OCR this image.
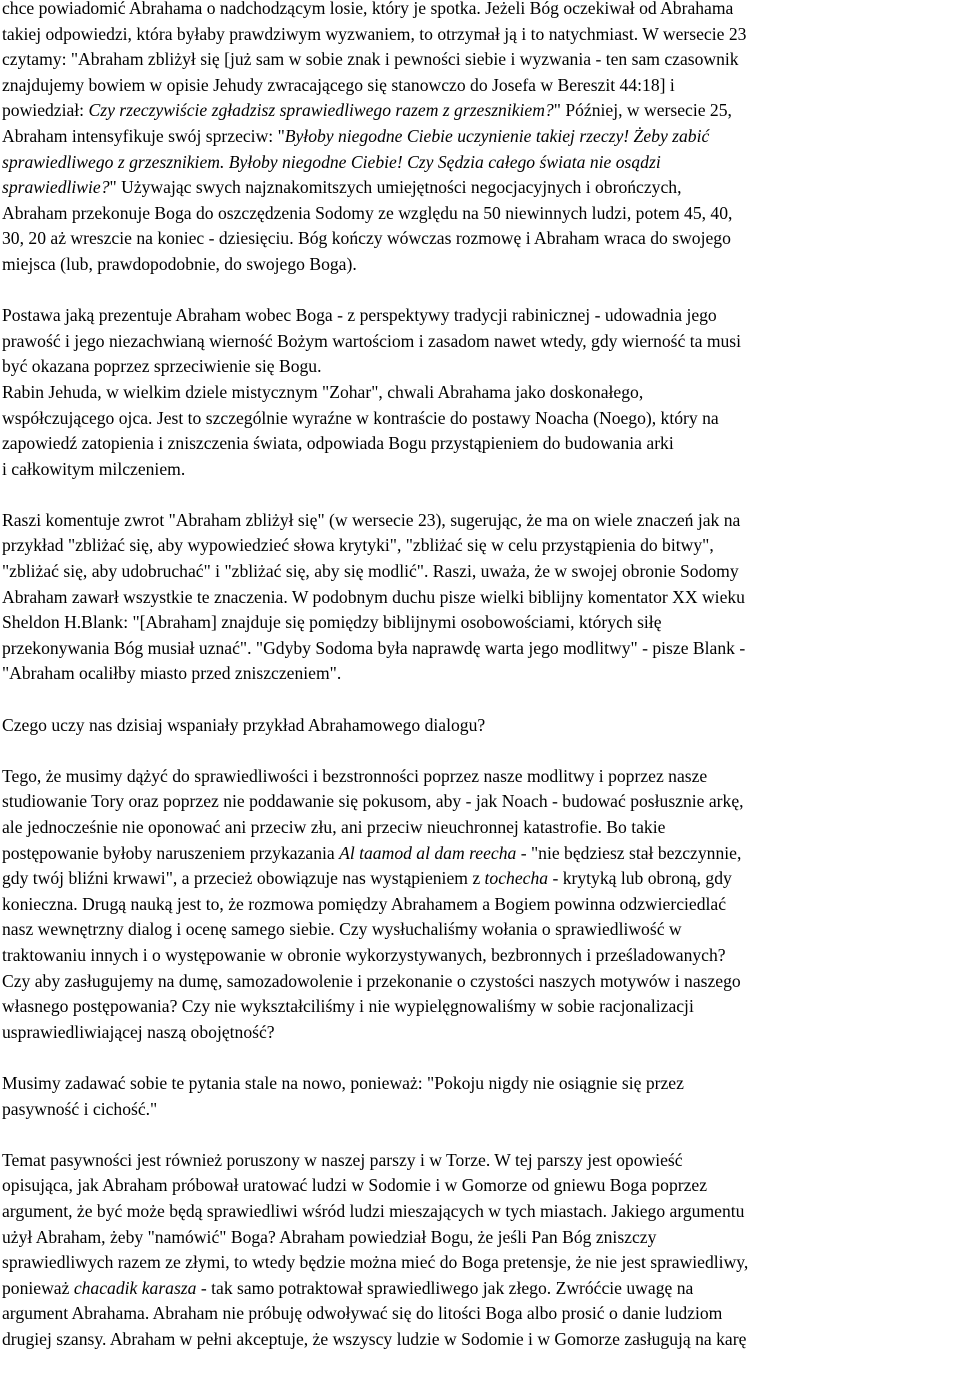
chce powiadomić Abrahama o nadchodzącym losie, który je spotka. Jeżeli Bóg oczekiwał od Abrahama
takiej odpowiedzi, która byłaby prawdziwym wyzwaniem, to otrzymał ją i to natychmiast. W wersecie 23
czytamy: "Abraham zbliżył się [już sam w sobie znak i pewności siebie i wyzwania - ten sam czasownik
znajdujemy bowiem w opisie Jehudy zwracającego się stanowczo do Josefa w Bereszit 44:18] i
powiedział: Czy rzeczywiście zgładzisz sprawiedliwego razem z grzesznikiem?" Później, w wersecie 25,
Abraham intensyfikuje swój sprzeciw: "Byłoby niegodne Ciebie uczynienie takiej rzeczy! Żeby zabić
sprawiedliwego z grzesznikiem. Byłoby niegodne Ciebie! Czy Sędzia całego świata nie osądzi
sprawiedliwie?" Używając swych najznakomitszych umiejętności negocjacyjnych i obrończych,
Abraham przekonuje Boga do oszczędzenia Sodomy ze względu na 50 niewinnych ludzi, potem 45, 40,
30, 20 aż wreszcie na koniec - dziesięciu. Bóg kończy wówczas rozmowę i Abraham wraca do swojego
miejsca (lub, prawdopodobnie, do swojego Boga).
Postawa jaką prezentuje Abraham wobec Boga - z perspektywy tradycji rabinicznej - udowadnia jego
prawość i jego niezachwianą wierność Bożym wartościom i zasadom nawet wtedy, gdy wierność ta musi
być okazana poprzez sprzeciwienie się Bogu.
Rabin Jehuda, w wielkim dziele mistycznym "Zohar", chwali Abrahama jako doskonałego,
współczującego ojca. Jest to szczególnie wyraźne w kontraście do postawy Noacha (Noego), który na
zapowiedź zatopienia i zniszczenia świata, odpowiada Bogu przystąpieniem do budowania arki
i całkowitym milczeniem.
Raszi komentuje zwrot "Abraham zbliżył się" (w wersecie 23), sugerując, że ma on wiele znaczeń jak na
przykład "zbliżać się, aby wypowiedzieć słowa krytyki", "zbliżać się w celu przystąpienia do bitwy",
"zbliżać się, aby udobruchać" i "zbliżać się, aby się modlić". Raszi, uważa, że w swojej obronie Sodomy
Abraham zawarł wszystkie te znaczenia. W podobnym duchu pisze wielki biblijny komentator XX wieku
Sheldon H.Blank: "[Abraham] znajduje się pomiędzy biblijnymi osobowościami, których siłę
przekonywania Bóg musiał uznać". "Gdyby Sodoma była naprawdę warta jego modlitwy" - pisze Blank -
"Abraham ocaliłby miasto przed zniszczeniem".
Czego uczy nas dzisiaj wspaniały przykład Abrahamowego dialogu?
Tego, że musimy dążyć do sprawiedliwości i bezstronności poprzez nasze modlitwy i poprzez nasze
studiowanie Tory oraz poprzez nie poddawanie się pokusom, aby - jak Noach - budować posłusznie arkę,
ale jednocześnie nie oponować ani przeciw złu, ani przeciw nieuchronnej katastrofie. Bo takie
postępowanie byłoby naruszeniem przykazania Al taamod al dam reecha - "nie będziesz stał bezczynnie,
gdy twój bliźni krwawi", a przecież obowiązuje nas wystąpieniem z tochecha - krytyką lub obroną, gdy
konieczna. Drugą nauką jest to, że rozmowa pomiędzy Abrahamem a Bogiem powinna odzwierciedlać
nasz wewnętrzny dialog i ocenę samego siebie. Czy wysłuchaliśmy wołania o sprawiedliwość w
traktowaniu innych i o występowanie w obronie wykorzystywanych, bezbronnych i prześladowanych?
Czy aby zasługujemy na dumę, samozadowolenie i przekonanie o czystości naszych motywów i naszego
własnego postępowania? Czy nie wykształciliśmy i nie wypielęgnowaliśmy w sobie racjonalizacji
usprawiedliwiającej naszą obojętność?
Musimy zadawać sobie te pytania stale na nowo, ponieważ: "Pokoju nigdy nie osiągnie się przez
pasywność i cichość."
Temat pasywności jest również poruszony w naszej parszy i w Torze. W tej parszy jest opowieść
opisująca, jak Abraham próbował uratować ludzi w Sodomie i w Gomorze od gniewu Boga poprzez
argument, że być może będą sprawiedliwi wśród ludzi mieszających w tych miastach. Jakiego argumentu
użył Abraham, żeby "namówić" Boga? Abraham powiedział Bogu, że jeśli Pan Bóg zniszczy
sprawiedliwych razem ze złymi, to wtedy będzie można mieć do Boga pretensje, że nie jest sprawiedliwy,
ponieważ chacadik karasza - tak samo potraktował sprawiedliwego jak złego. Zwróćcie uwagę na
argument Abrahama. Abraham nie próbuję odwoływać się do litości Boga albo prosić o danie ludziom
drugiej szansy. Abraham w pełni akceptuje, że wszyscy ludzie w Sodomie i w Gomorze zasługują na karę
